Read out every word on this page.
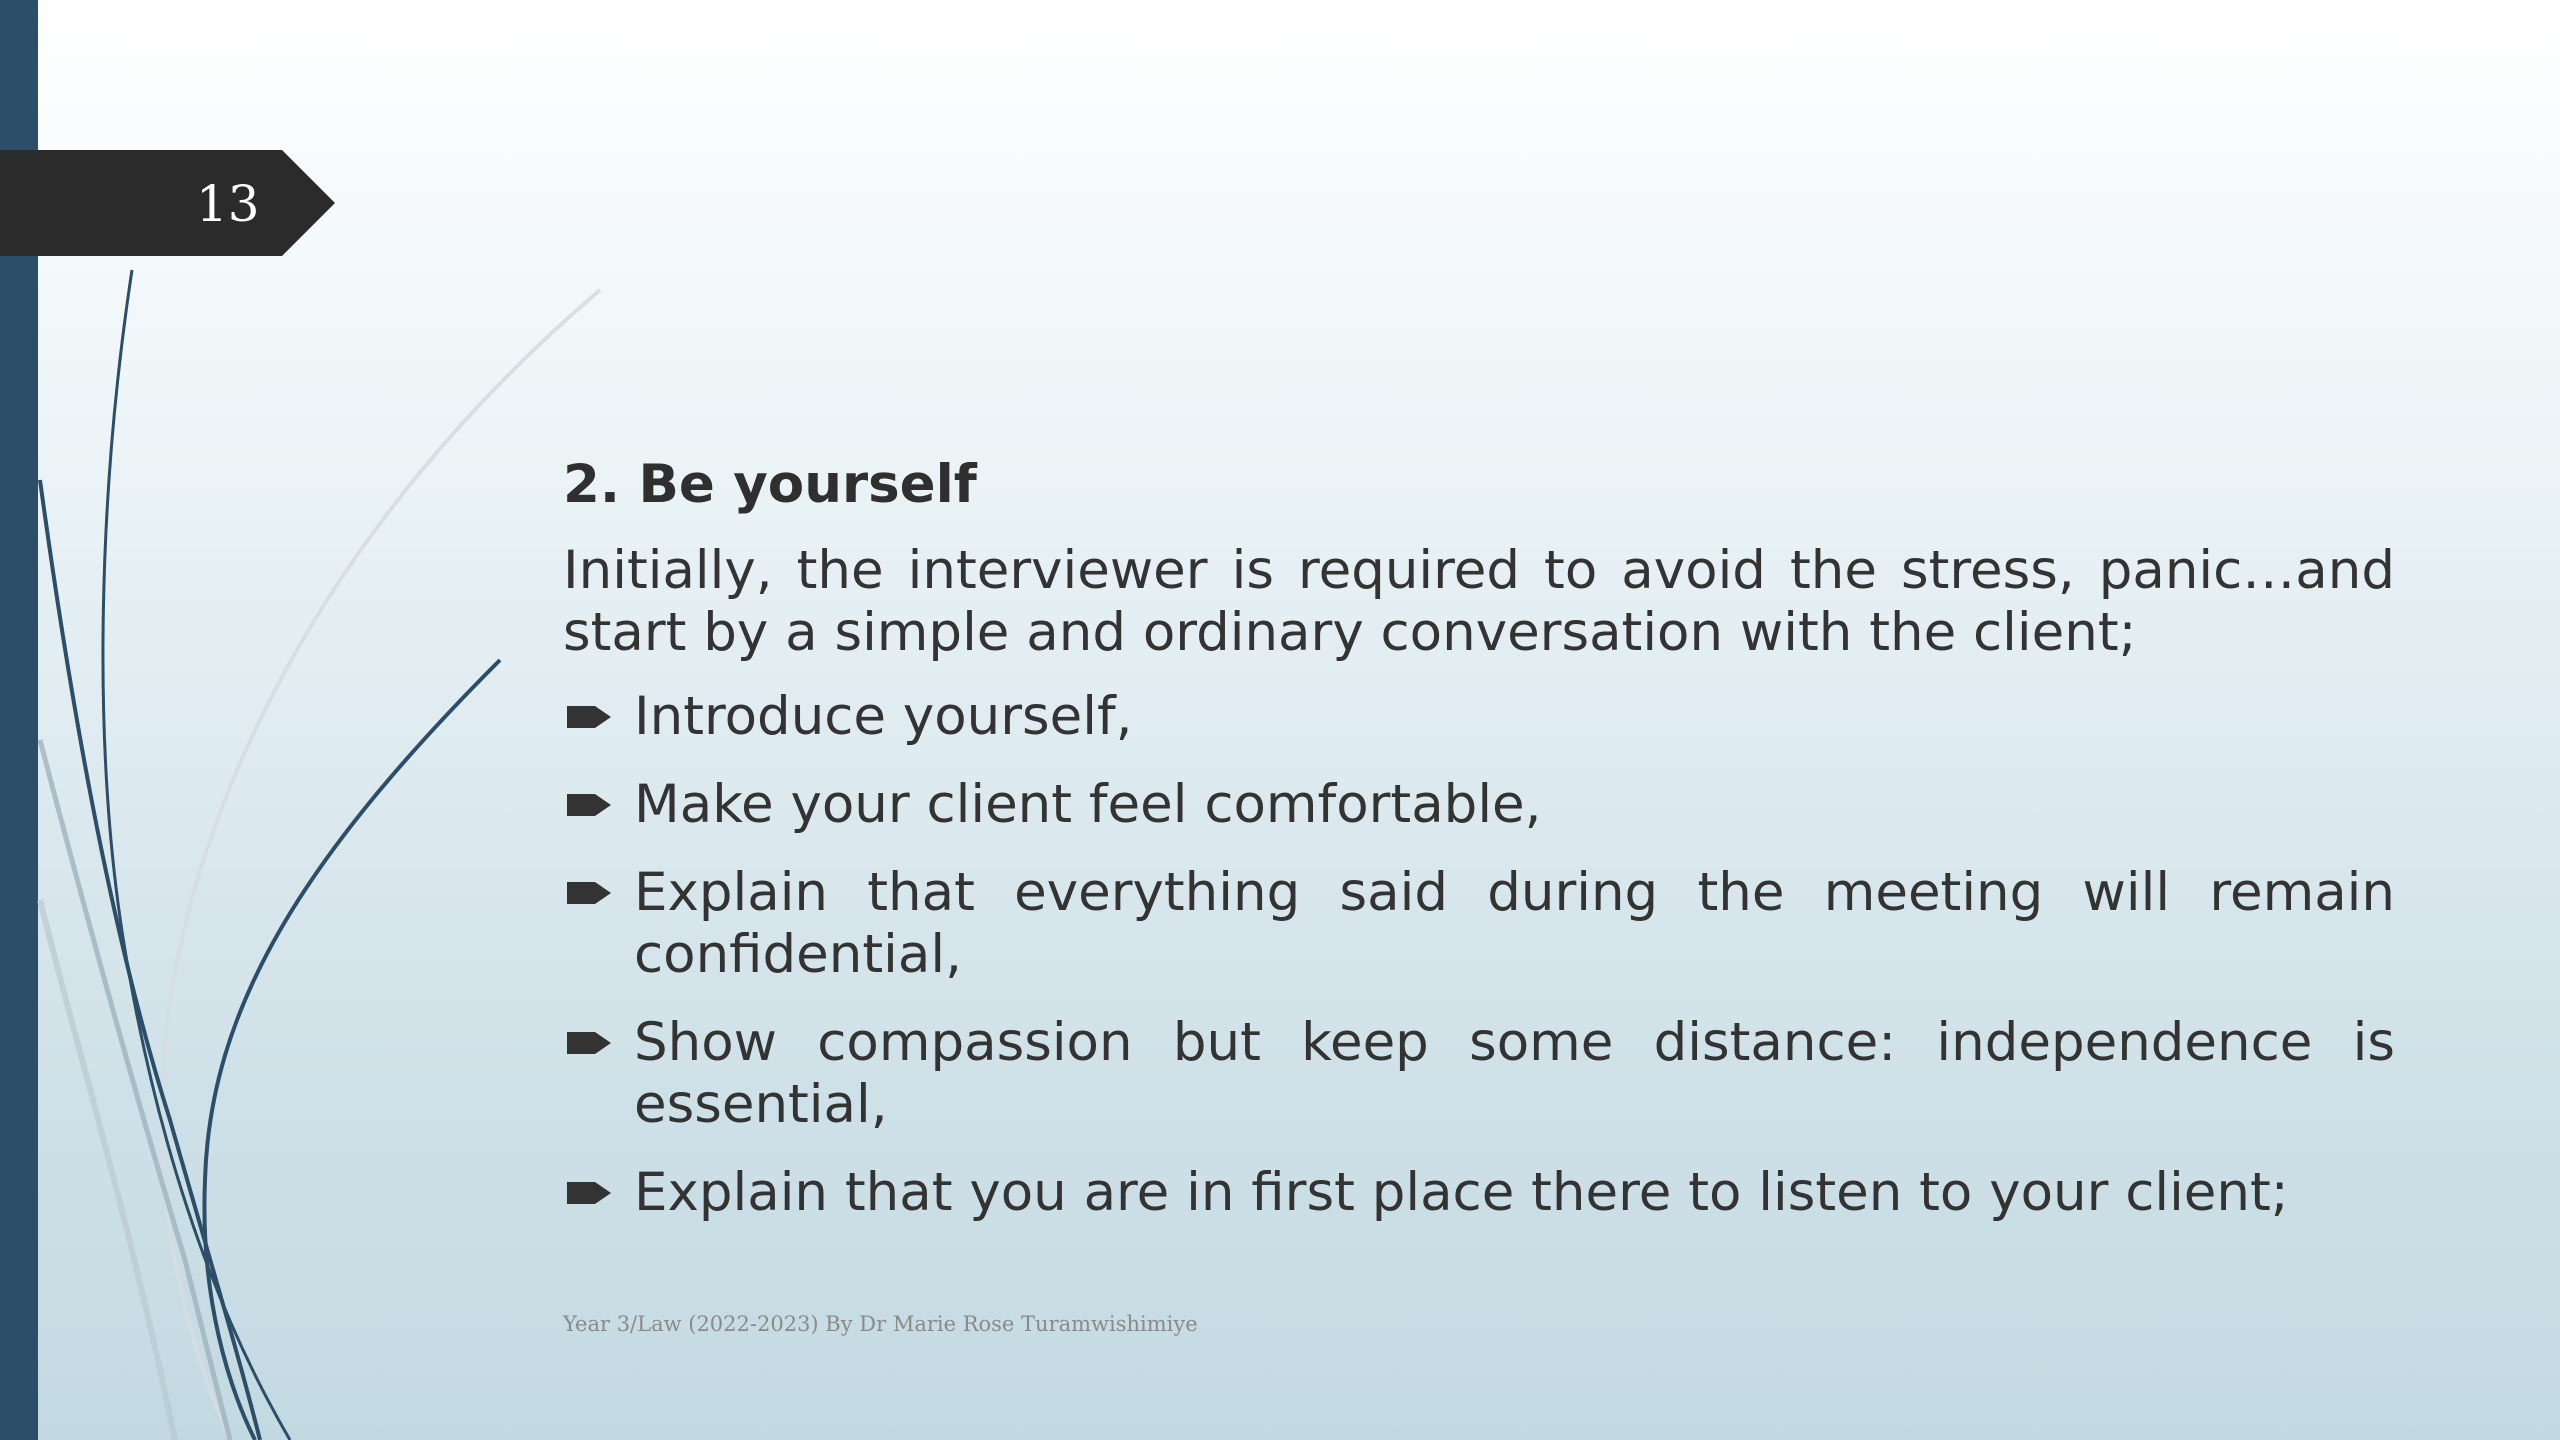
13
2. Be yourself

Initially, the interviewer is required to avoid the stress, panic…and start by a simple and ordinary conversation with the client;

Introduce yourself,
Make your client feel comfortable,
Explain that everything said during the meeting will remain confidential,
Show compassion but keep some distance: independence is essential,
Explain that you are in first place there to listen to your client;
Year 3/Law (2022-2023) By Dr Marie Rose Turamwishimiye
